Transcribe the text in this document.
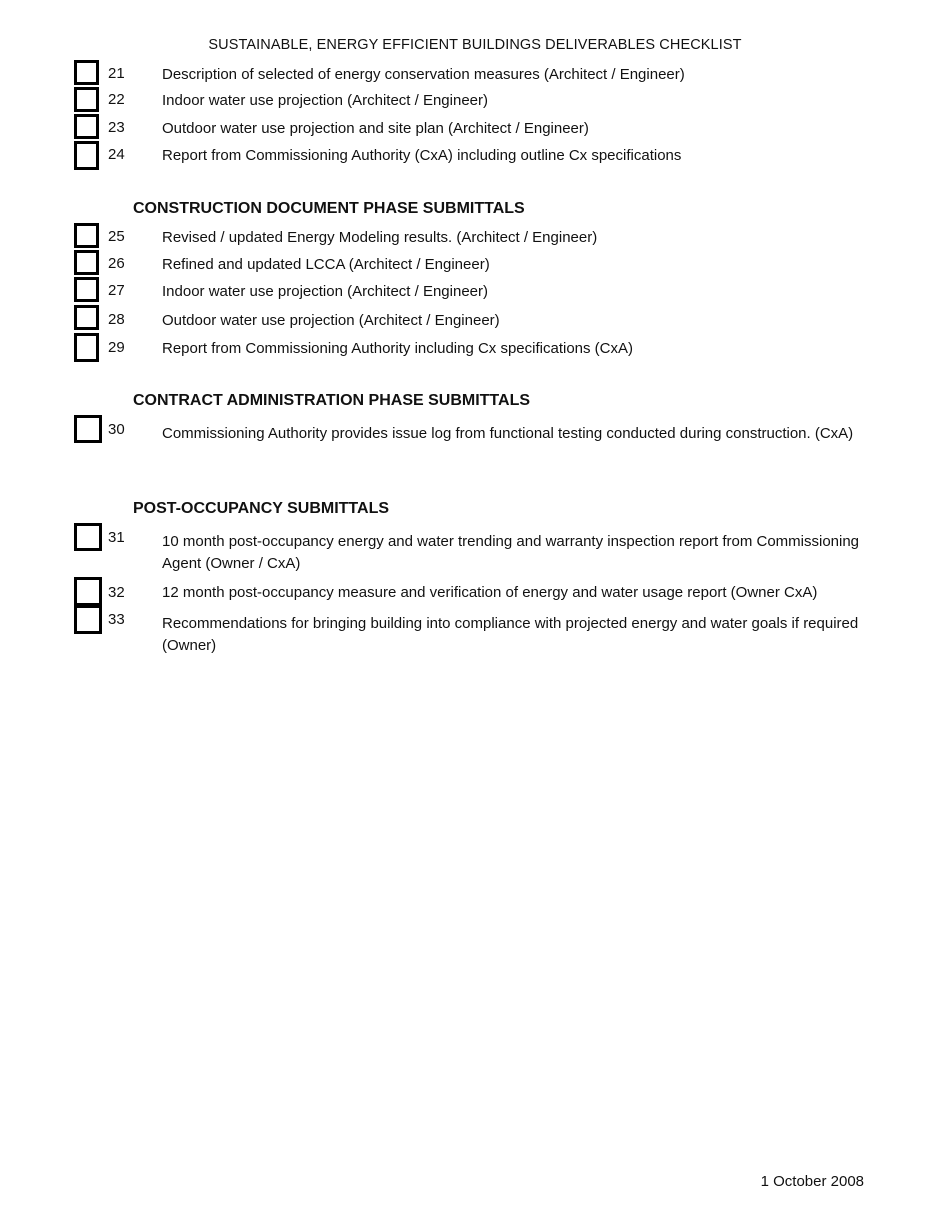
SUSTAINABLE, ENERGY EFFICIENT BUILDINGS DELIVERABLES CHECKLIST
21 Description of selected of energy conservation measures (Architect / Engineer)
22 Indoor water use projection (Architect / Engineer)
23 Outdoor water use projection and site plan (Architect / Engineer)
24 Report from Commissioning Authority (CxA) including outline Cx specifications
CONSTRUCTION DOCUMENT PHASE SUBMITTALS
25 Revised / updated Energy Modeling results. (Architect / Engineer)
26 Refined and updated LCCA (Architect / Engineer)
27 Indoor water use projection (Architect / Engineer)
28 Outdoor water use projection (Architect / Engineer)
29 Report from Commissioning Authority including Cx specifications (CxA)
CONTRACT ADMINISTRATION PHASE SUBMITTALS
30 Commissioning Authority provides issue log from functional testing conducted during construction. (CxA)
POST-OCCUPANCY SUBMITTALS
31 10 month post-occupancy energy and water trending and warranty inspection report from Commissioning Agent (Owner / CxA)
32 12 month post-occupancy measure and verification of energy and water usage report (Owner CxA)
33 Recommendations for bringing building into compliance with projected energy and water goals if required (Owner)
1 October 2008
